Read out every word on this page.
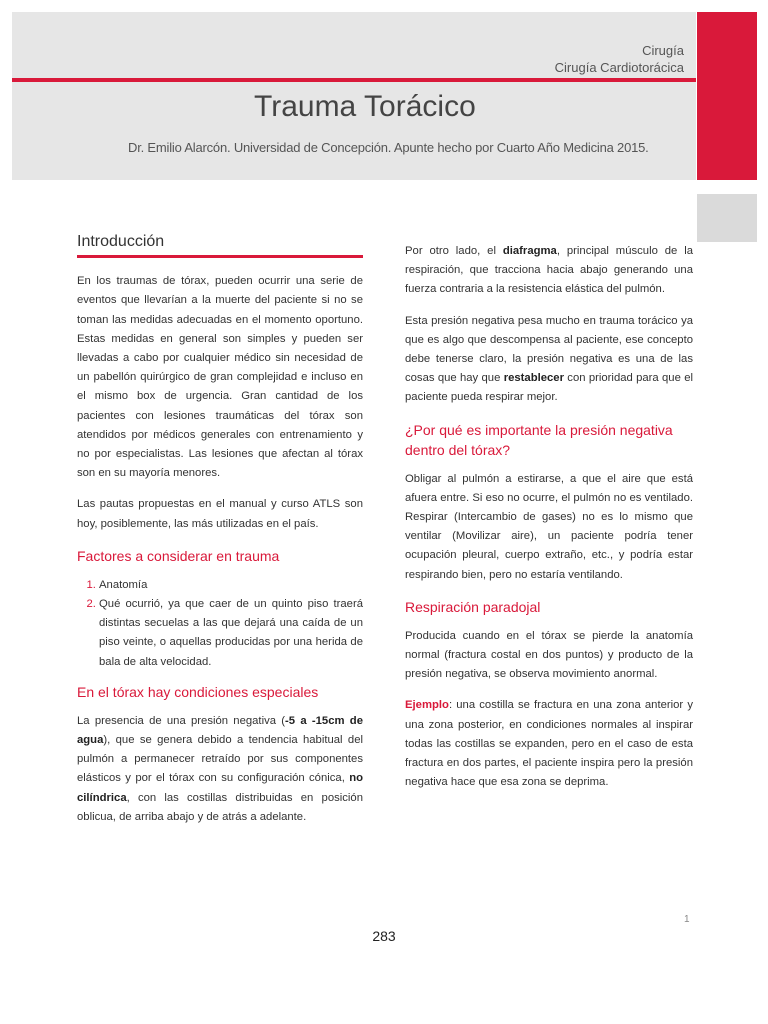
Cirugía
Cirugía Cardiotorácica
Trauma Torácico
Dr. Emilio Alarcón. Universidad de Concepción. Apunte hecho por Cuarto Año Medicina 2015.
Introducción

En los traumas de tórax, pueden ocurrir una serie de eventos que llevarían a la muerte del paciente si no se toman las medidas adecuadas en el momento oportuno. Estas medidas en general son simples y pueden ser llevadas a cabo por cualquier médico sin necesidad de un pabellón quirúrgico de gran complejidad e incluso en el mismo box de urgencia. Gran cantidad de los pacientes con lesiones traumáticas del tórax son atendidos por médicos generales con entrenamiento y no por especialistas. Las lesiones que afectan al tórax son en su mayoría menores.

Las pautas propuestas en el manual y curso ATLS son hoy, posiblemente, las más utilizadas en el país.

Factores a considerar en trauma
1. Anatomía
2. Qué ocurrió, ya que caer de un quinto piso traerá distintas secuelas a las que dejará una caída de un piso veinte, o aquellas producidas por una herida de bala de alta velocidad.
En el tórax hay condiciones especiales

La presencia de una presión negativa (-5 a -15cm de agua), que se genera debido a tendencia habitual del pulmón a permanecer retraído por sus componentes elásticos y por el tórax con su configuración cónica, no cilíndrica, con las costillas distribuidas en posición oblicua, de arriba abajo y de atrás a adelante.

Por otro lado, el diafragma, principal músculo de la respiración, que tracciona hacia abajo generando una fuerza contraria a la resistencia elástica del pulmón.

Esta presión negativa pesa mucho en trauma torácico ya que es algo que descompensa al paciente, ese concepto debe tenerse claro, la presión negativa es una de las cosas que hay que restablecer con prioridad para que el paciente pueda respirar mejor.

¿Por qué es importante la presión negativa dentro del tórax?

Obligar al pulmón a estirarse, a que el aire que está afuera entre. Si eso no ocurre, el pulmón no es ventilado. Respirar (Intercambio de gases) no es lo mismo que ventilar (Movilizar aire), un paciente podría tener ocupación pleural, cuerpo extraño, etc., y podría estar respirando bien, pero no estaría ventilando.

Respiración paradojal

Producida cuando en el tórax se pierde la anatomía normal (fractura costal en dos puntos) y producto de la presión negativa, se observa movimiento anormal.

Ejemplo: una costilla se fractura en una zona anterior y una zona posterior, en condiciones normales al inspirar todas las costillas se expanden, pero en el caso de esta fractura en dos partes, el paciente inspira pero la presión negativa hace que esa zona se deprima.

1
283
